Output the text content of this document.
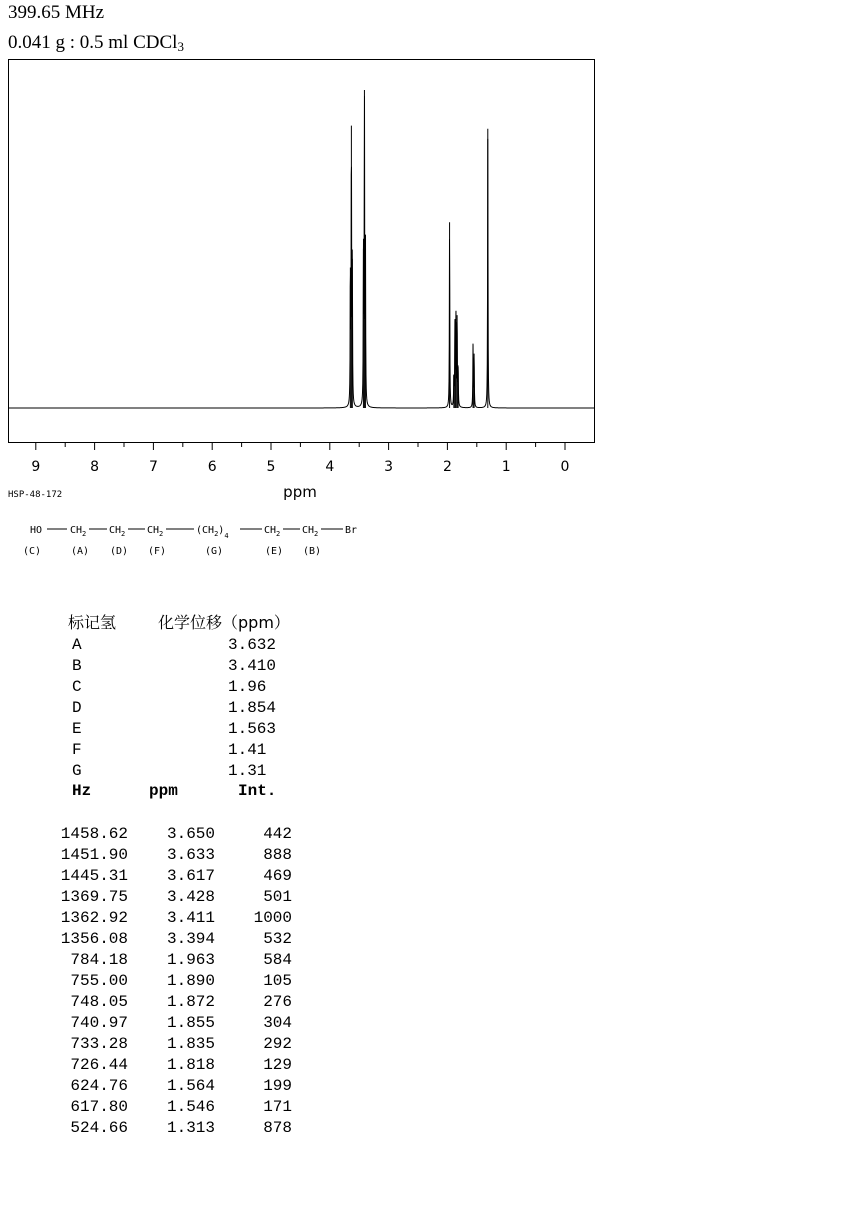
399.65 MHz
0.041 g : 0.5 ml CDCl$_3$
9	8	7	6	5	4	3	2	1	0
ppm
HSP-48-172
HO	$CH_2$ $CH_2$ $CH_2$	$(CH_2)_4$	$CH_2$ $CH_2$	Br
(C)	(A) (D) (F)	(G)	(E) (B)
标记氢	化学位移（ppm）
A	3.632
B	3.410
C	1.96
D	1.854
E	1.563
F	1.41
G	1.31
Hz	ppm	Int.
1458.62 3.650	442
1451.90 3.633	888
1445.31 3.617	469
1369.75 3.428	501
1362.92 3.411 1000
1356.08 3.394	532
784.18 1.963	584
755.00 1.890	105
748.05 1.872	276
740.97 1.855	304
733.28 1.835	292
726.44 1.818	129
624.76 1.564	199
617.80 1.546	171
524.66 1.313	878
